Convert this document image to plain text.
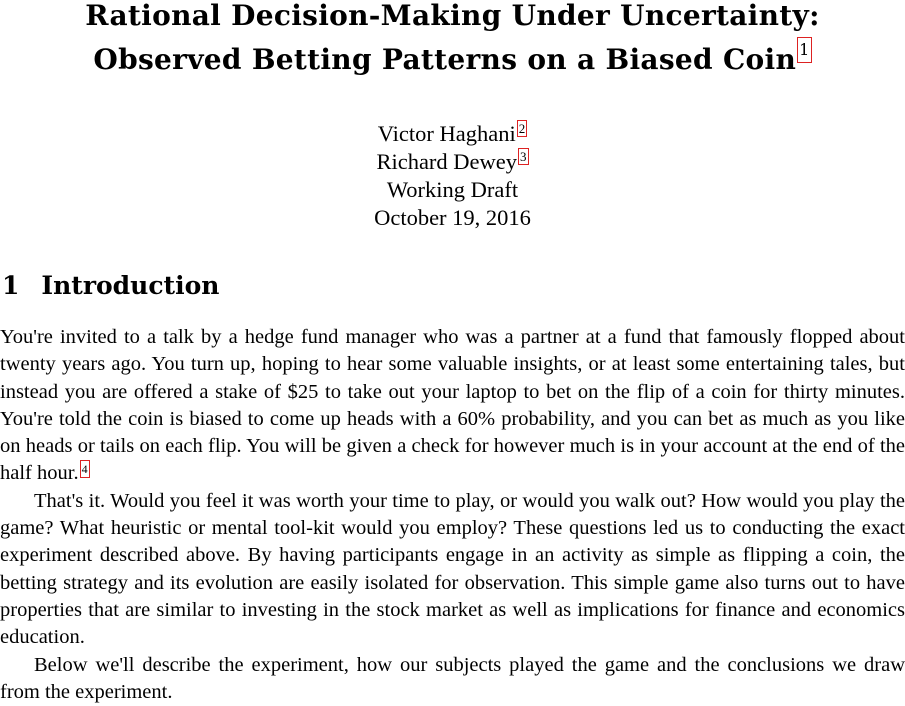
Rational Decision-Making Under Uncertainty:
Observed Betting Patterns on a Biased Coin 1
Victor Haghani 2
Richard Dewey 3
Working Draft
October 19, 2016
1 Introduction

You're invited to a talk by a hedge fund manager who was a partner at a fund that famously flopped about twenty years ago. You turn up, hoping to hear some valuable insights, or at least some entertaining tales, but instead you are offered a stake of $25 to take out your laptop to bet on the flip of a coin for thirty minutes. You're told the coin is biased to come up heads with a 60% probability, and you can bet as much as you like on heads or tails on each flip. You will be given a check for however much is in your account at the end of the half hour. 4

That's it. Would you feel it was worth your time to play, or would you walk out? How would you play the game? What heuristic or mental tool-kit would you employ? These questions led us to conducting the exact experiment described above. By having participants engage in an activity as simple as flipping a coin, the betting strategy and its evolution are easily isolated for observation. This simple game also turns out to have properties that are similar to investing in the stock market as well as implications for finance and economics education.

Below we'll describe the experiment, how our subjects played the game and the conclusions we draw from the experiment.
